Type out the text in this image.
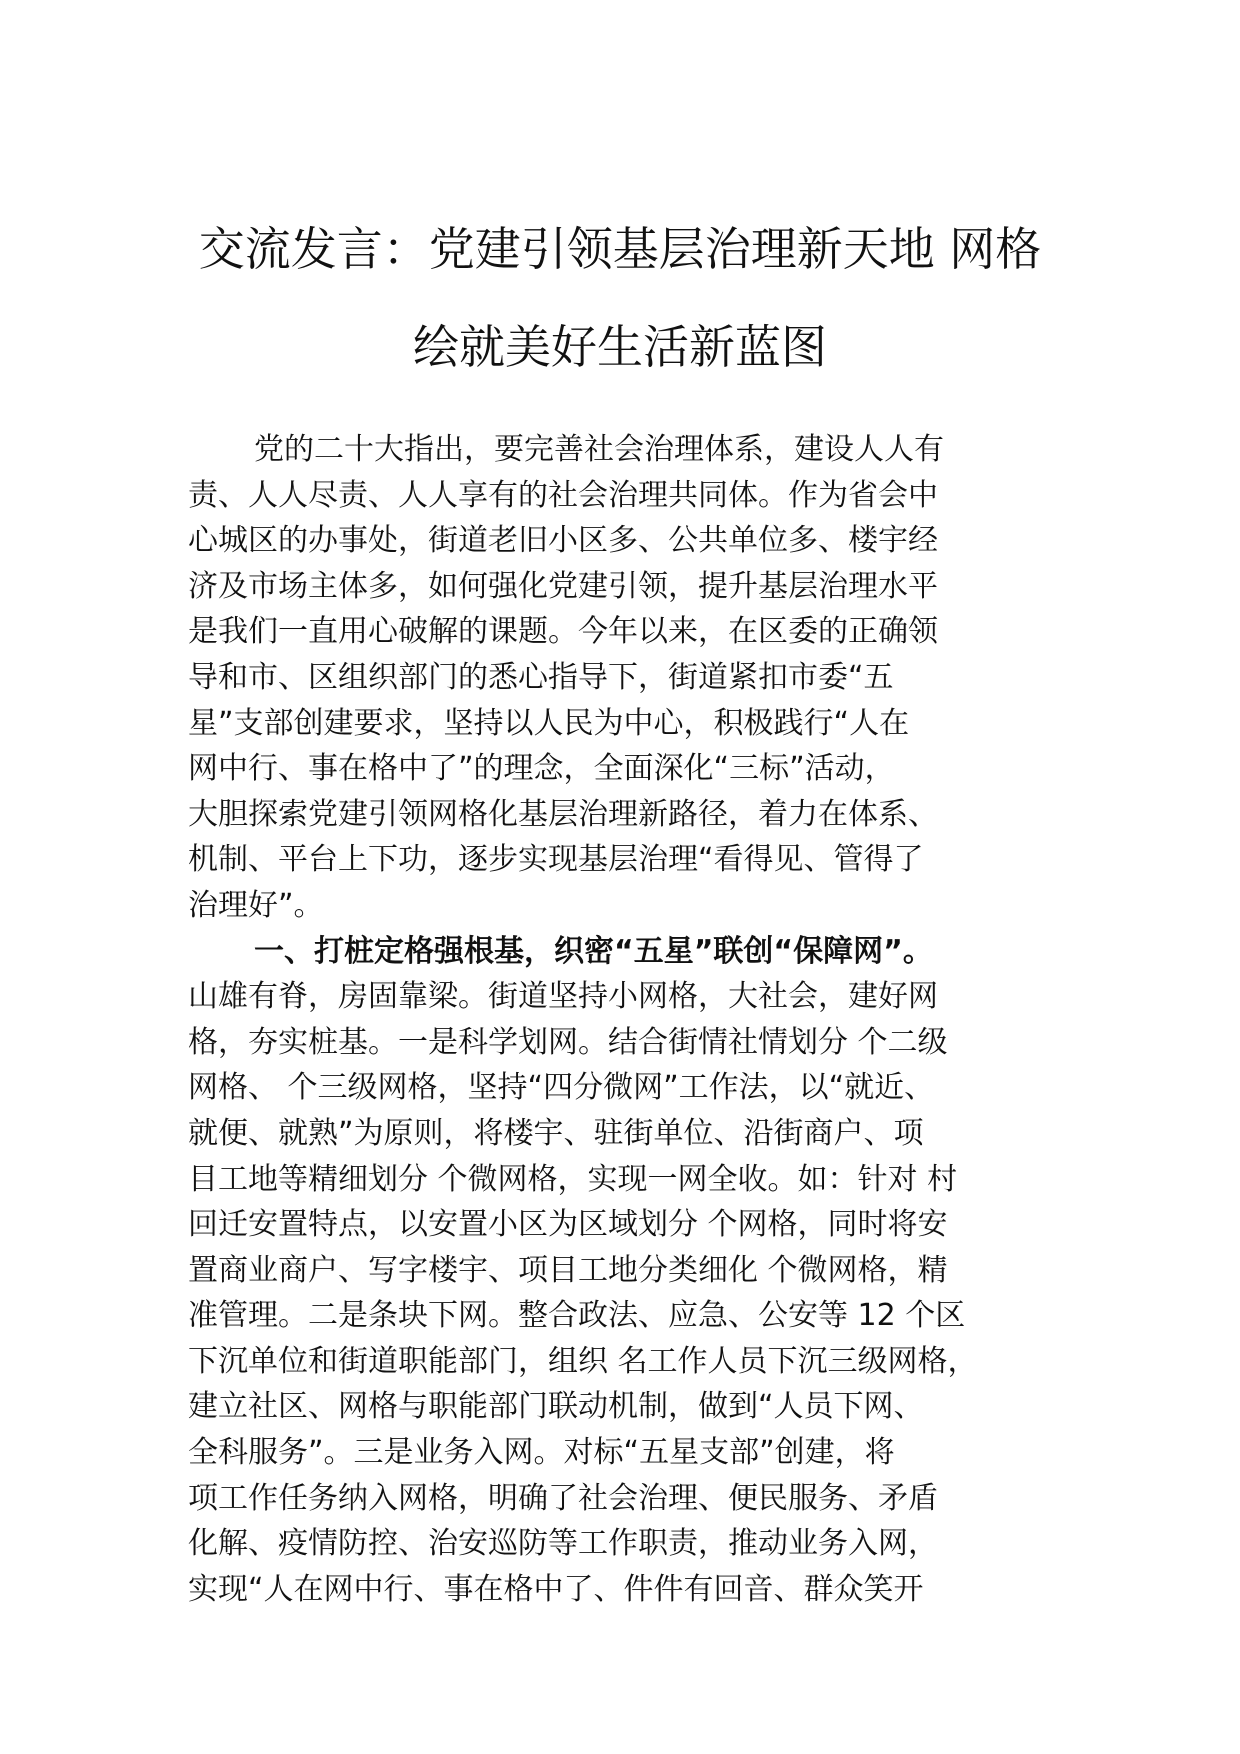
交流发言：党建引领基层治理新天地 网格
绘就美好生活新蓝图
党的二十大指出，要完善社会治理体系，建设人人有
责、人人尽责、人人享有的社会治理共同体。作为省会中
心城区的办事处，街道老旧小区多、公共单位多、楼宇经
济及市场主体多，如何强化党建引领，提升基层治理水平
是我们一直用心破解的课题。今年以来，在区委的正确领
导和市、区组织部门的悉心指导下，街道紧扣市委“五
星”支部创建要求，坚持以人民为中心，积极践行“人在
网中行、事在格中了”的理念，全面深化“三标”活动，
大胆探索党建引领网格化基层治理新路径，着力在体系、
机制、平台上下功，逐步实现基层治理“看得见、管得了
治理好”。
一、打桩定格强根基，织密“五星”联创“保障网”。
山雄有脊，房固靠梁。街道坚持小网格，大社会，建好网
格，夯实桩基。一是科学划网。结合街情社情划分 个二级
网格、 个三级网格，坚持“四分微网”工作法，以“就近、
就便、就熟”为原则，将楼宇、驻街单位、沿街商户、项
目工地等精细划分 个微网格，实现一网全收。如：针对 村
回迁安置特点，以安置小区为区域划分 个网格，同时将安
置商业商户、写字楼宇、项目工地分类细化 个微网格，精
准管理。二是条块下网。整合政法、应急、公安等 12 个区
下沉单位和街道职能部门，组织 名工作人员下沉三级网格，
建立社区、网格与职能部门联动机制，做到“人员下网、
全科服务”。三是业务入网。对标“五星支部”创建，将
项工作任务纳入网格，明确了社会治理、便民服务、矛盾
化解、疫情防控、治安巡防等工作职责，推动业务入网，
实现“人在网中行、事在格中了、件件有回音、群众笑开
